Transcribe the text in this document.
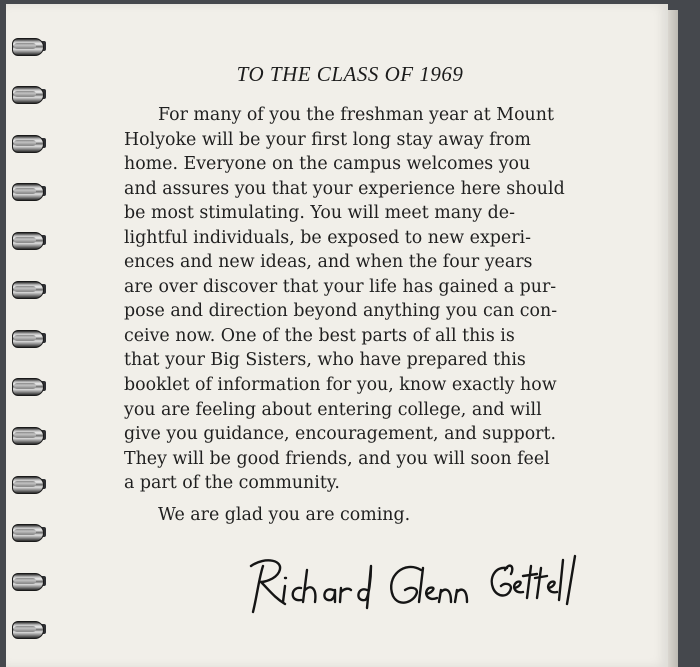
TO THE CLASS OF 1969
For many of you the freshman year at Mount
Holyoke will be your first long stay away from
home. Everyone on the campus welcomes you
and assures you that your experience here should
be most stimulating. You will meet many de-
lightful individuals, be exposed to new experi-
ences and new ideas, and when the four years
are over discover that your life has gained a pur-
pose and direction beyond anything you can con-
ceive now. One of the best parts of all this is
that your Big Sisters, who have prepared this
booklet of information for you, know exactly how
you are feeling about entering college, and will
give you guidance, encouragement, and support.
They will be good friends, and you will soon feel
a part of the community.
We are glad you are coming.
